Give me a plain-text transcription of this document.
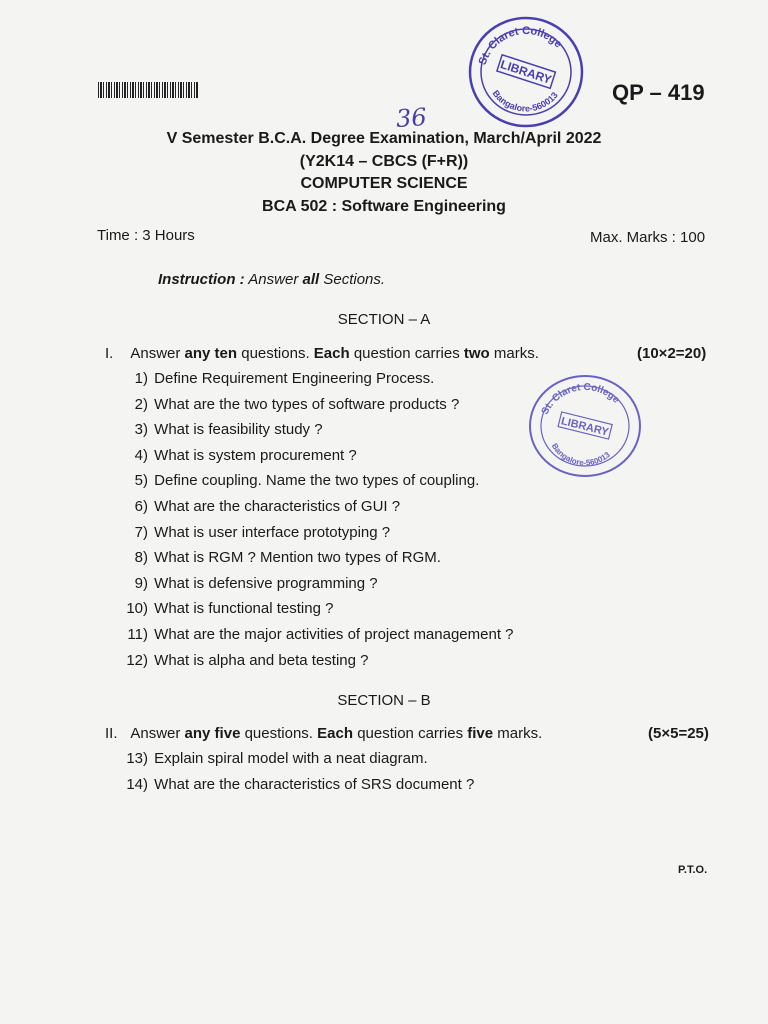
QP – 419
36
St. Claret College
LIBRARY
Bangalore-560013
V Semester B.C.A. Degree Examination, March/April 2022
(Y2K14 – CBCS (F+R))
COMPUTER SCIENCE
BCA 502 : Software Engineering
Time : 3 Hours	Max. Marks : 100
Instruction : Answer all Sections.
SECTION – A
I. Answer any ten questions. Each question carries two marks.	(10×2=20)
1) Define Requirement Engineering Process.
2) What are the two types of software products ?
3) What is feasibility study ?
4) What is system procurement ?
5) Define coupling. Name the two types of coupling.
6) What are the characteristics of GUI ?
7) What is user interface prototyping ?
8) What is RGM ? Mention two types of RGM.
9) What is defensive programming ?
10) What is functional testing ?
11) What are the major activities of project management ?
12) What is alpha and beta testing ?
St. Claret College
LIBRARY
Bangalore-560013
SECTION – B
II. Answer any five questions. Each question carries five marks.	(5×5=25)
13) Explain spiral model with a neat diagram.
14) What are the characteristics of SRS document ?
P.T.O.
